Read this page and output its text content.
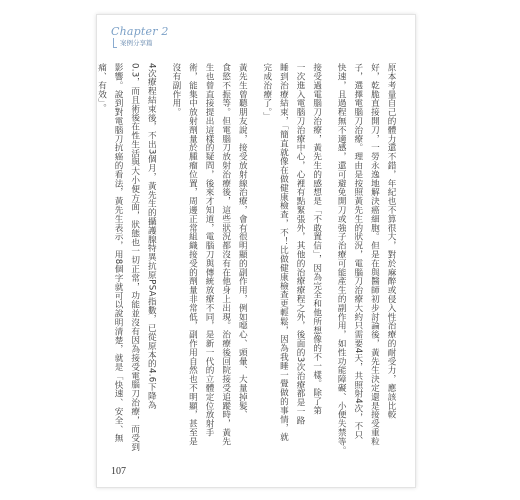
Chapter 2
案例分享篇

原本考量自己的體力還不錯，年紀也不算很大，對於麻醉或侵入性治療的耐受力，應該比較
好，乾脆直接開刀，一勞永逸地解決癌細胞。但是在與醫師初步討論後，黃先生決定還是接受重粒
子，選擇電腦刀治療。理由是按照黃先生的狀況，電腦刀治療大約只需要4天，共照射4次，不只
快速，且過程無不適感，還可避免開刀或強子治療可能產生的副作用，如性功能障礙、小便失禁等。

接受過電腦刀治療，黃先生的感想是「不敢置信」，因為完全和他所想像的不一樣。除了第
一次進入電腦刀治療中心，心裡有點緊張外，其他的治療療程之外，後面的3次治療都是一路
睡到治療結束，「簡直就像在做健康檢查，不！比做健康檢查更輕鬆，因為我睡一覺做的事情，就
完成治療了。」

黃先生曾聽朋友說，接受放射線治療，會有很明顯的副作用，例如噁心、頭暈、大量掉髮、
食慾不振等。但電腦刀放射治療後，這些狀況都沒有在他身上出現。治療後回院接受追蹤時，黃先
生也曾直接提出這樣的疑問，後來才知道，電腦刀與傳統放療不同，是新一代的立體定位放射手
術，能集中放射劑量於腫瘤位置，周邊正常組織接受的劑量非常低，副作用自然也不明顯，甚至是
沒有副作用。

4次療程結束後，不出3個月，黃先生的攝護腺特異抗原PSA指數，已從原本的4.6下降為
0.3，而且術後在性生活與大小便方面，狀態也一切正常，功能並沒有因為接受電腦刀治療，而受到
影響。說到對電腦刀抗癌的看法，黃先生表示，用8個字就可以說明清楚，就是「快速、安全、無
痛、有效」。

107
